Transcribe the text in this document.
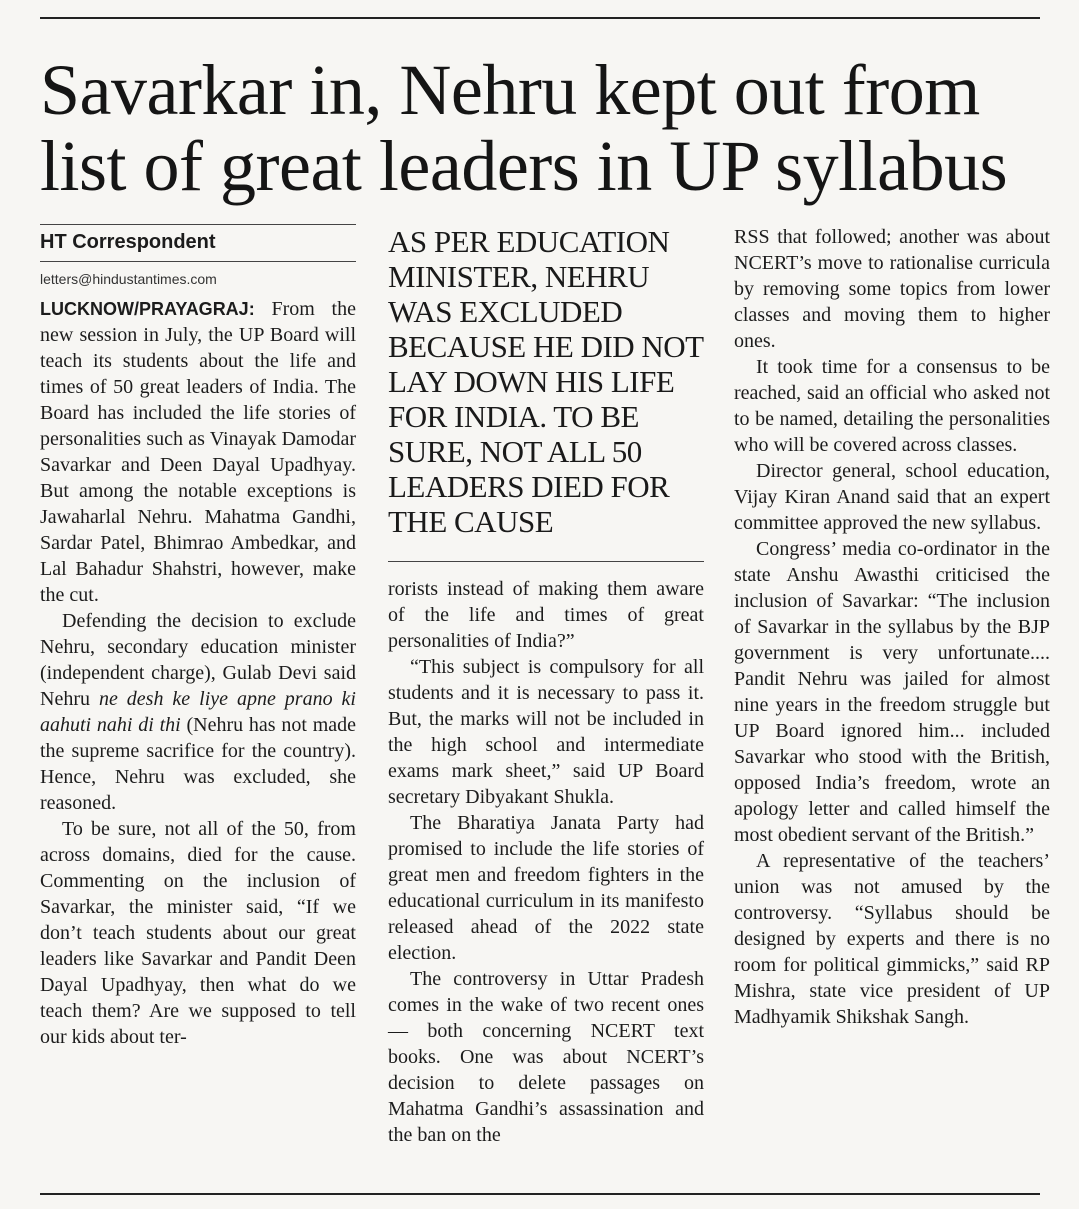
Savarkar in, Nehru kept out from
list of great leaders in UP syllabus
HT Correspondent
letters@hindustantimes.com

LUCKNOW/PRAYAGRAJ: From the new session in July, the UP Board will teach its students about the life and times of 50 great leaders of India. The Board has included the life stories of personalities such as Vinayak Damodar Savarkar and Deen Dayal Upadhyay. But among the notable exceptions is Jawaharlal Nehru. Mahatma Gandhi, Sardar Patel, Bhimrao Ambedkar, and Lal Bahadur Shahstri, however, make the cut.

Defending the decision to exclude Nehru, secondary education minister (independent charge), Gulab Devi said Nehru ne desh ke liye apne prano ki aahuti nahi di thi (Nehru has not made the supreme sacrifice for the country). Hence, Nehru was excluded, she reasoned.

To be sure, not all of the 50, from across domains, died for the cause. Commenting on the inclusion of Savarkar, the minister said, “If we don’t teach students about our great leaders like Savarkar and Pandit Deen Dayal Upadhyay, then what do we teach them? Are we supposed to tell our kids about ter-

AS PER EDUCATION MINISTER, NEHRU WAS EXCLUDED BECAUSE HE DID NOT LAY DOWN HIS LIFE FOR INDIA. TO BE SURE, NOT ALL 50 LEADERS DIED FOR THE CAUSE

rorists instead of making them aware of the life and times of great personalities of India?”

“This subject is compulsory for all students and it is necessary to pass it. But, the marks will not be included in the high school and intermediate exams mark sheet,” said UP Board secretary Dibyakant Shukla.

The Bharatiya Janata Party had promised to include the life stories of great men and freedom fighters in the educational curriculum in its manifesto released ahead of the 2022 state election.

The controversy in Uttar Pradesh comes in the wake of two recent ones — both concerning NCERT text books. One was about NCERT’s decision to delete passages on Mahatma Gandhi’s assassination and the ban on the

RSS that followed; another was about NCERT’s move to rationalise curricula by removing some topics from lower classes and moving them to higher ones.

It took time for a consensus to be reached, said an official who asked not to be named, detailing the personalities who will be covered across classes.

Director general, school education, Vijay Kiran Anand said that an expert committee approved the new syllabus.

Congress’ media co-ordinator in the state Anshu Awasthi criticised the inclusion of Savarkar: “The inclusion of Savarkar in the syllabus by the BJP government is very unfortunate.... Pandit Nehru was jailed for almost nine years in the freedom struggle but UP Board ignored him... included Savarkar who stood with the British, opposed India’s freedom, wrote an apology letter and called himself the most obedient servant of the British.”

A representative of the teachers’ union was not amused by the controversy. “Syllabus should be designed by experts and there is no room for political gimmicks,” said RP Mishra, state vice president of UP Madhyamik Shikshak Sangh.
